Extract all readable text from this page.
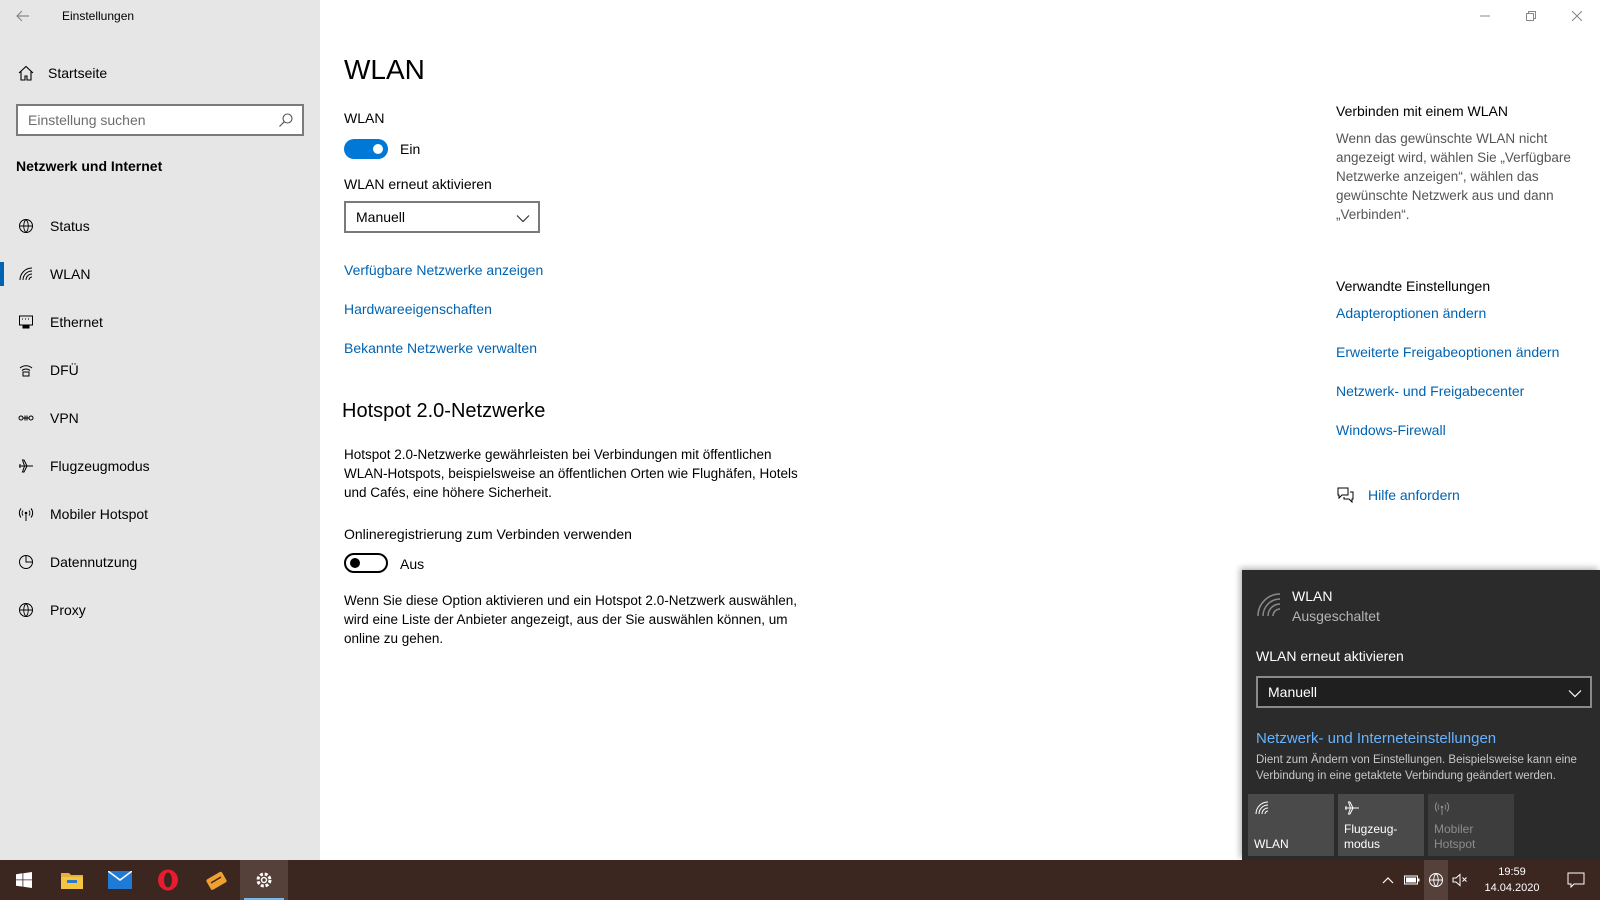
Einstellungen
Startseite
Einstellung suchen
Netzwerk und Internet
Status
WLAN
Ethernet
DFÜ
VPN
Flugzeugmodus
Mobiler Hotspot
Datennutzung
Proxy
WLAN
WLAN
Ein
WLAN erneut aktivieren
Manuell
Verfügbare Netzwerke anzeigen
Hardwareeigenschaften
Bekannte Netzwerke verwalten
Hotspot 2.0-Netzwerke

Hotspot 2.0-Netzwerke gewährleisten bei Verbindungen mit öffentlichen WLAN-Hotspots, beispielsweise an öffentlichen Orten wie Flughäfen, Hotels und Cafés, eine höhere Sicherheit.

Onlineregistrierung zum Verbinden verwenden
Aus

Wenn Sie diese Option aktivieren und ein Hotspot 2.0-Netzwerk auswählen, wird eine Liste der Anbieter angezeigt, aus der Sie auswählen können, um online zu gehen.

Verbinden mit einem WLAN

Wenn das gewünschte WLAN nicht angezeigt wird, wählen Sie „Verfügbare Netzwerke anzeigen“, wählen das gewünschte Netzwerk aus und dann „Verbinden“.

Verwandte Einstellungen
Adapteroptionen ändern
Erweiterte Freigabeoptionen ändern
Netzwerk- und Freigabecenter
Windows-Firewall
Hilfe anfordern
WLAN
Ausgeschaltet
WLAN erneut aktivieren
Manuell
Netzwerk- und Interneteinstellungen
Dient zum Ändern von Einstellungen. Beispielsweise kann eine Verbindung in eine getaktete Verbindung geändert werden.
WLAN
Flugzeug-
modus
Mobiler
Hotspot
19:59
14.04.2020
